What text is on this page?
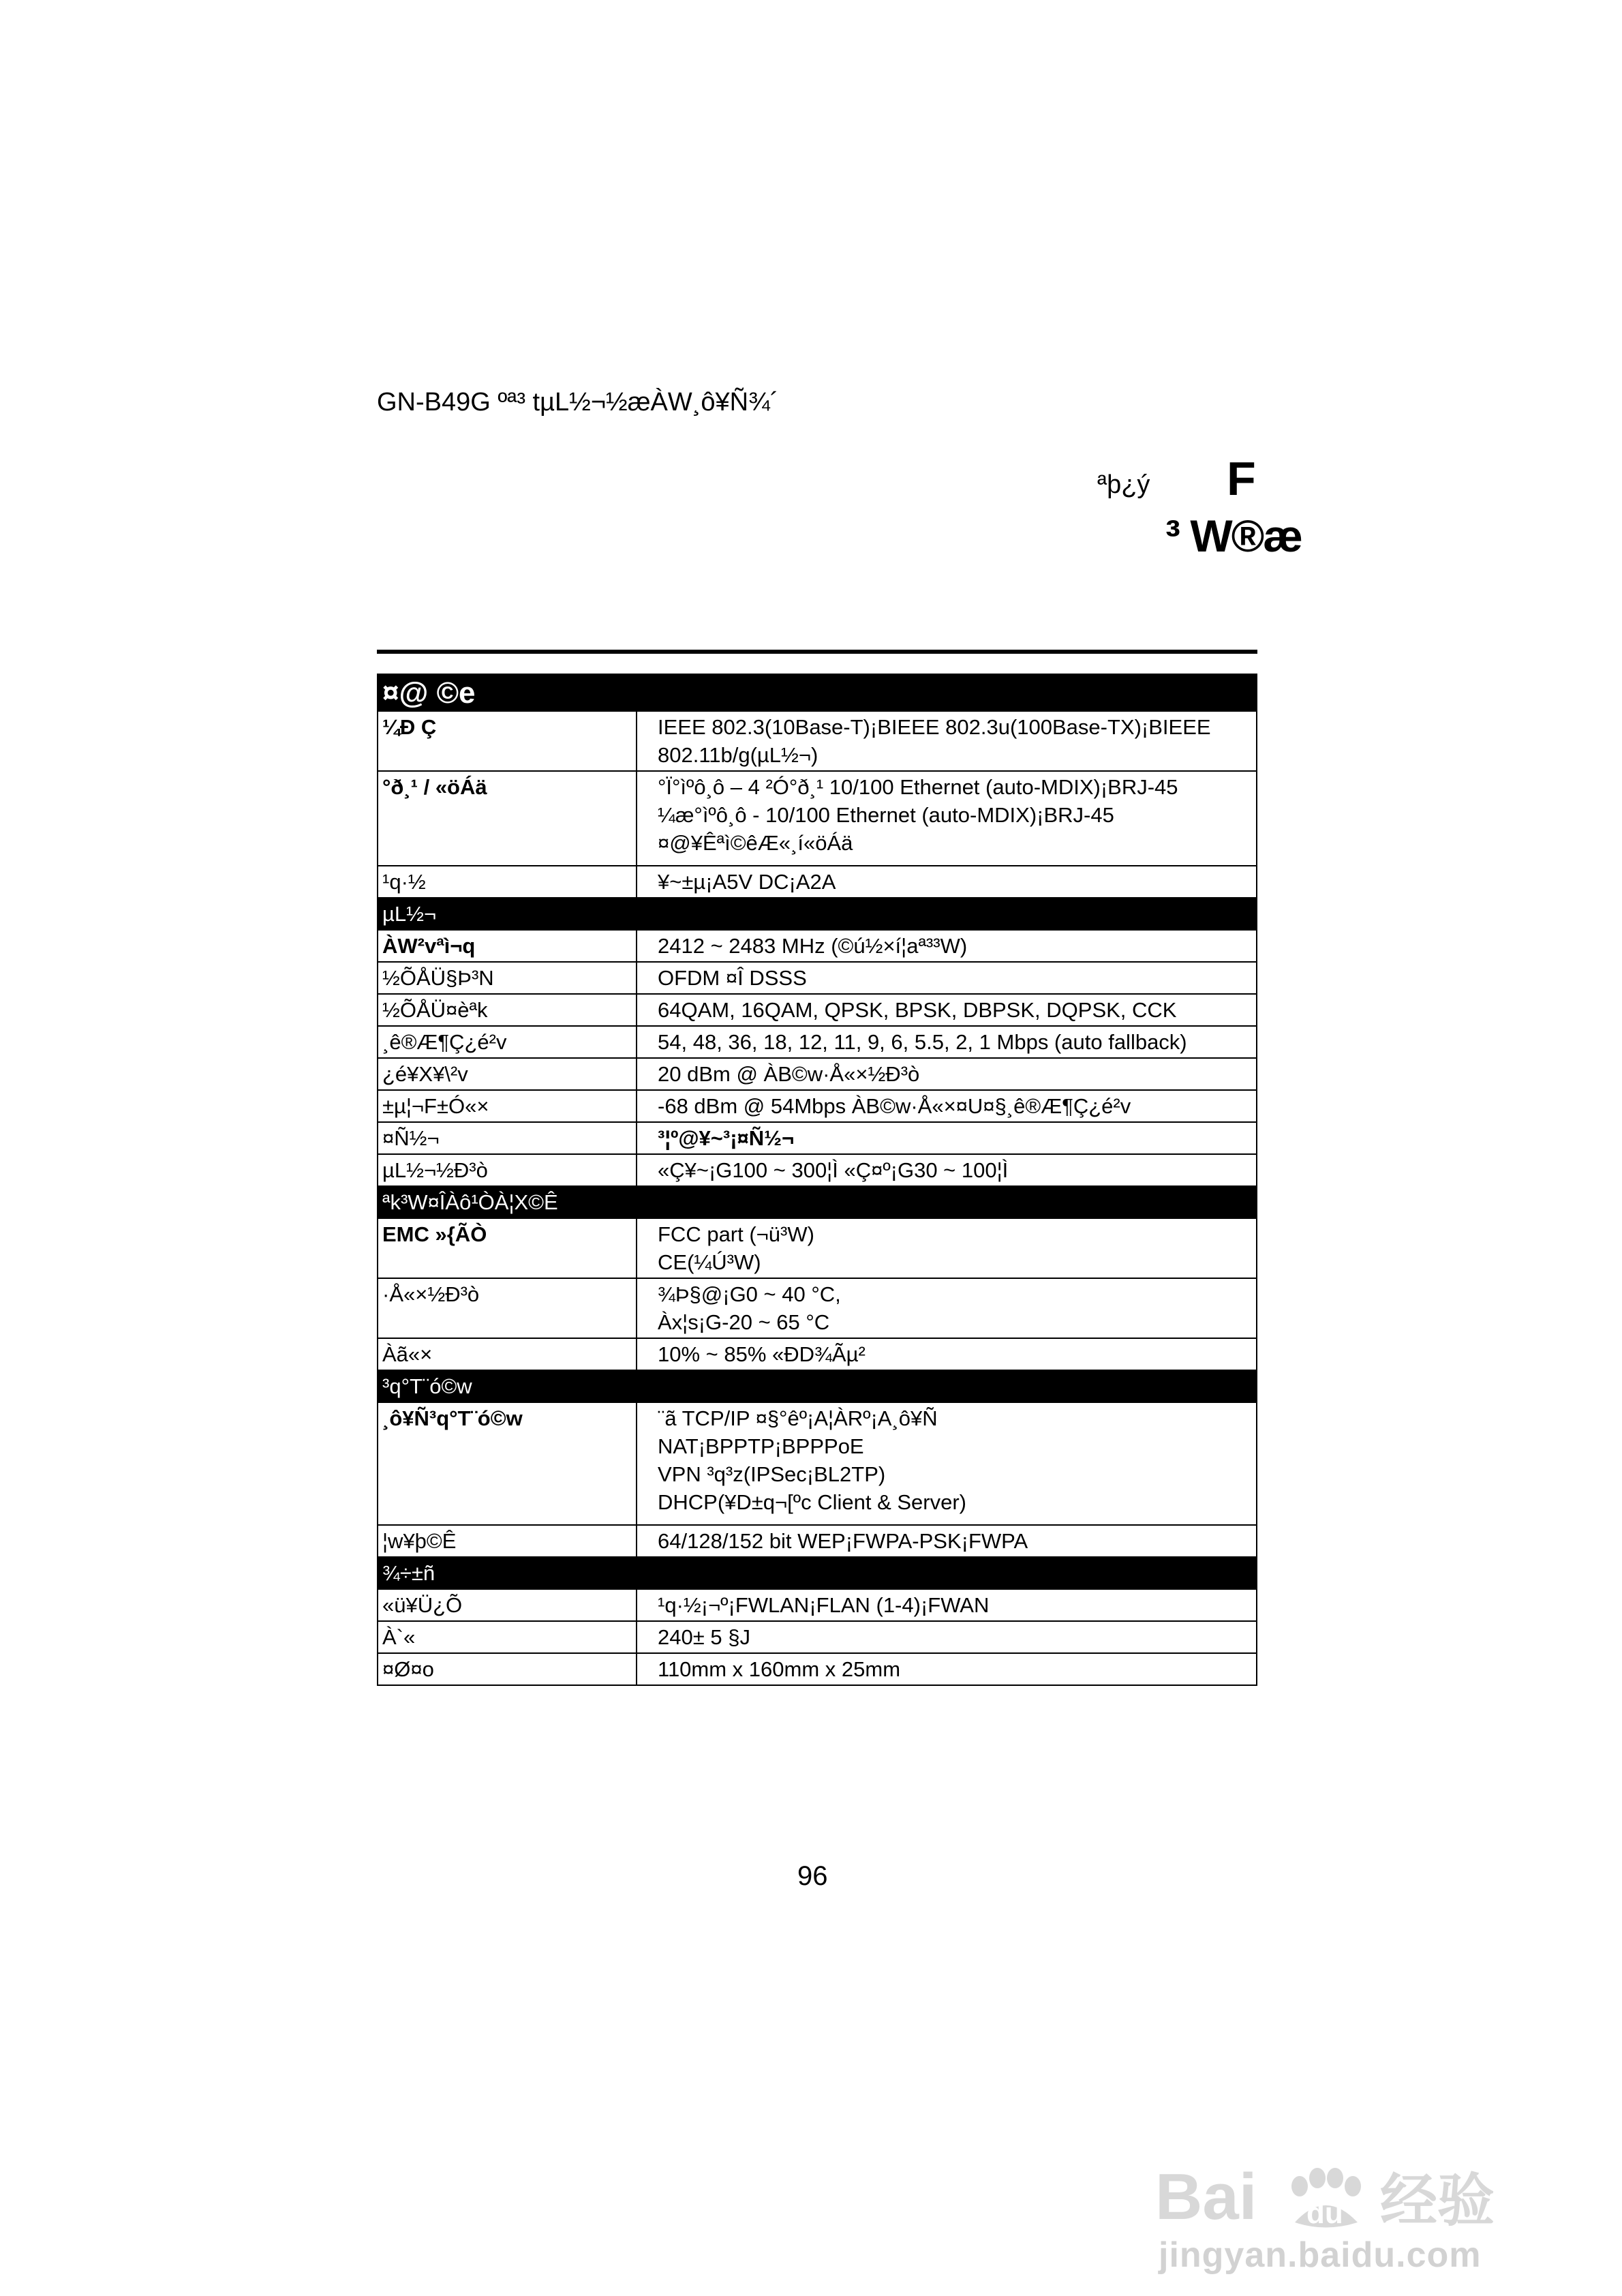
GN-B49G ºª³ tµL½¬½æÀW¸ô¥Ñ¾´
ªþ¿ý F
³ W®æ
¤@ ©e
¼Ð Ç	IEEE 802.3(10Base-T)¡BIEEE 802.3u(100Base-TX)¡BIEEE
802.11b/g(µL½¬)
°ð¸¹ / «öÁä	°Ï°ìºô¸ô – 4 ²Ó°ð¸¹ 10/100 Ethernet (auto-MDIX)¡BRJ-45
¼æ°ìºô¸ô - 10/100 Ethernet (auto-MDIX)¡BRJ-45
¤@¥Êªì©êÆ«¸í«öÁä
¹q·½	¥~±µ¡A5V DC¡A2A
µL½¬
ÀW²vªì¬q	2412 ~ 2483 MHz (©ú½×í¦aª³³W)
½ÕÅÜ§Þ³N	OFDM ¤Î DSSS
½ÕÅÜ¤èªk	64QAM, 16QAM, QPSK, BPSK, DBPSK, DQPSK, CCK
¸ê®Æ¶Ç¿é²v	54, 48, 36, 18, 12, 11, 9, 6, 5.5, 2, 1 Mbps (auto fallback)
¿é¥X¥\²v	20 dBm @ ÀB©w·Å«×½Ð³ò
±µ¦¬F±Ó«×	-68 dBm @ 54Mbps ÀB©w·Å«×¤U¤§¸ê®Æ¶Ç¿é²v
¤Ñ½¬	³¦º@¥~³¡¤Ñ½¬
µL½¬½Ð³ò	«Ç¥~¡G100 ~ 300¦Ì «Ç¤º¡G30 ~ 100¦Ì
ªk³W¤ÎÀô¹ÒÀ¦X©Ê
EMC »{ÃÒ	FCC part (¬ü³W)
CE(¼Ú³W)
·Å«×½Ð³ò	¾Þ§@¡G0 ~ 40 °C,
Àx¦s¡G-20 ~ 65 °C
Àã«×	10% ~ 85% «ÐD¾Ãµ²
³q°T¨ó©w
¸ô¥Ñ³q°T¨ó©w	¨ã TCP/IP ¤§°êº¡A¦ÀRº¡A¸ô¥Ñ
NAT¡BPPTP¡BPPPoE
VPN ³q³z(IPSec¡BL2TP)
DHCP(¥D±q¬[ºc Client & Server)
¦w¥þ©Ê	64/128/152 bit WEP¡FWPA-PSK¡FWPA
¾÷±ñ
«ü¥Ü¿Õ	¹q·½¡¬º¡FWLAN¡FLAN (1-4)¡FWAN
À`«	240± 5 §J
¤Ø¤o	110mm x 160mm x 25mm
96
Bai du 经验
jingyan.baidu.com
